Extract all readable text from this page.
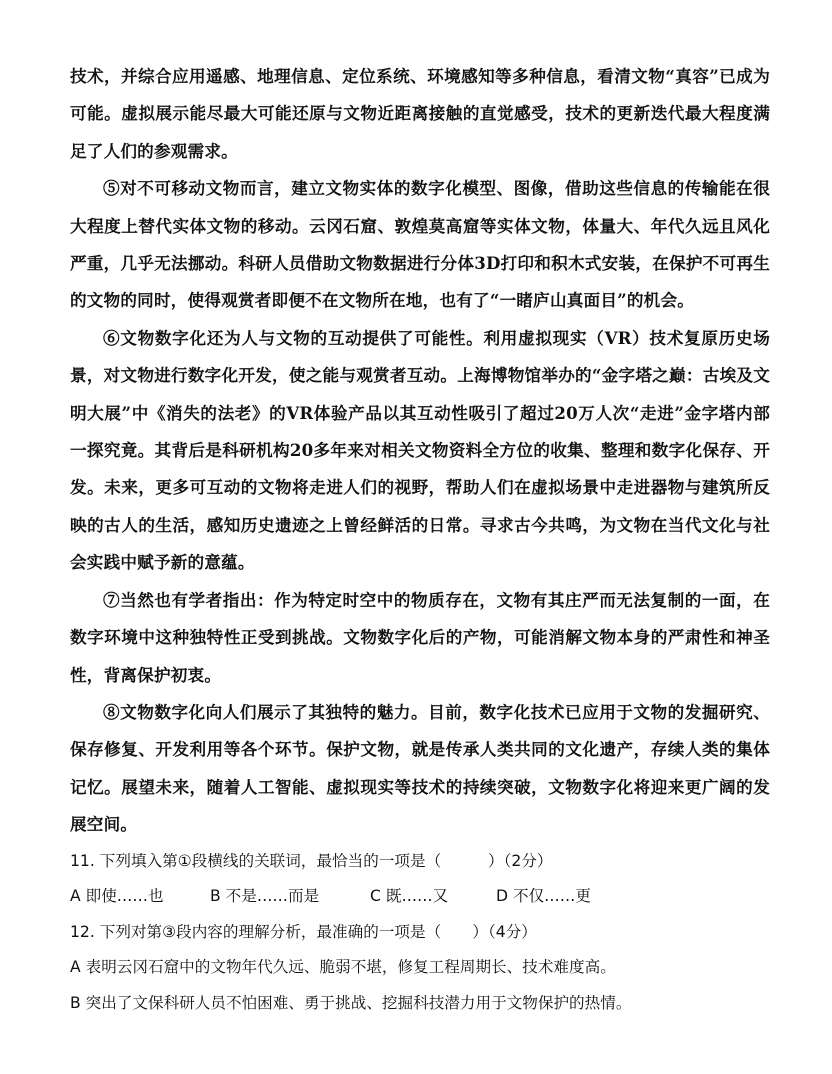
技术，并综合应用遥感、地理信息、定位系统、环境感知等多种信息，看清文物“真容”已成为可能。虚拟展示能尽最大可能还原与文物近距离接触的直觉感受，技术的更新迭代最大程度满足了人们的参观需求。

⑤对不可移动文物而言，建立文物实体的数字化模型、图像，借助这些信息的传输能在很大程度上替代实体文物的移动。云冈石窟、敦煌莫高窟等实体文物，体量大、年代久远且风化严重，几乎无法挪动。科研人员借助文物数据进行分体3D打印和积木式安装，在保护不可再生的文物的同时，使得观赏者即便不在文物所在地，也有了“一睹庐山真面目”的机会。

⑥文物数字化还为人与文物的互动提供了可能性。利用虚拟现实（VR）技术复原历史场景，对文物进行数字化开发，使之能与观赏者互动。上海博物馆举办的“金字塔之巅：古埃及文明大展”中《消失的法老》的VR体验产品以其互动性吸引了超过20万人次“走进”金字塔内部一探究竟。其背后是科研机构20多年来对相关文物资料全方位的收集、整理和数字化保存、开发。未来，更多可互动的文物将走进人们的视野，帮助人们在虚拟场景中走进器物与建筑所反映的古人的生活，感知历史遗迹之上曾经鲜活的日常。寻求古今共鸣，为文物在当代文化与社会实践中赋予新的意蕴。

⑦当然也有学者指出：作为特定时空中的物质存在，文物有其庄严而无法复制的一面，在数字环境中这种独特性正受到挑战。文物数字化后的产物，可能消解文物本身的严肃性和神圣性，背离保护初衷。

⑧文物数字化向人们展示了其独特的魅力。目前，数字化技术已应用于文物的发掘研究、保存修复、开发利用等各个环节。保护文物，就是传承人类共同的文化遗产，存续人类的集体记忆。展望未来，随着人工智能、虚拟现实等技术的持续突破，文物数字化将迎来更广阔的发展空间。

11. 下列填入第①段横线的关联词，最恰当的一项是（　　　）（2分）

A 即使……也	B 不是……而是	C 既……又	D 不仅……更

12. 下列对第③段内容的理解分析，最准确的一项是（　　）（4分）

A 表明云冈石窟中的文物年代久远、脆弱不堪，修复工程周期长、技术难度高。

B 突出了文保科研人员不怕困难、勇于挑战、挖掘科技潜力用于文物保护的热情。
